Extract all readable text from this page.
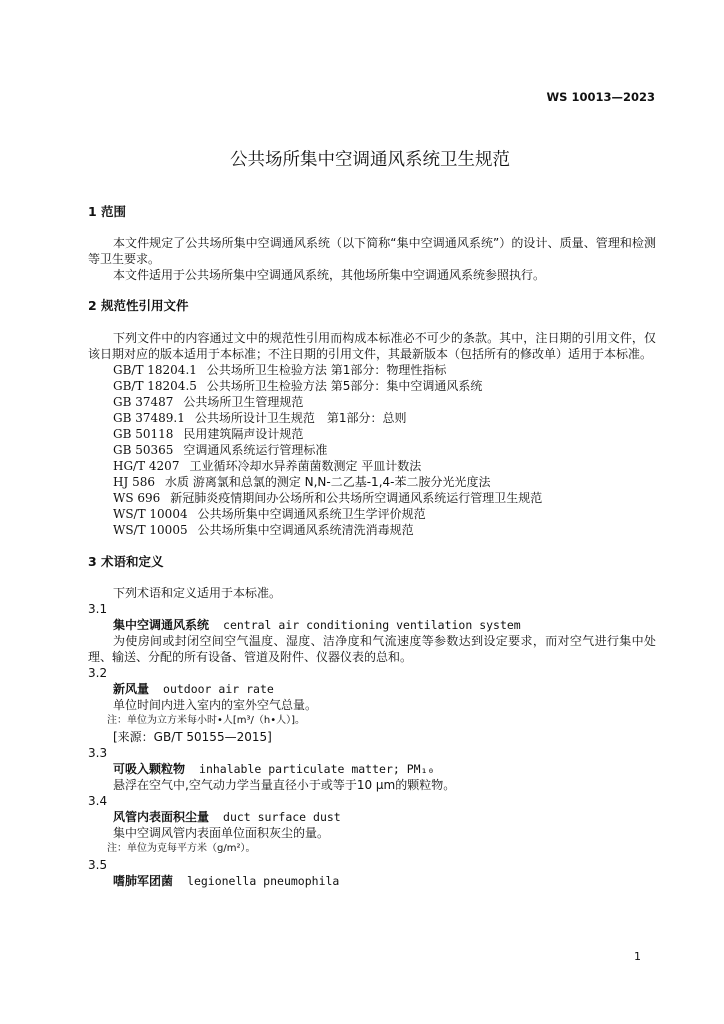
WS 10013—2023
公共场所集中空调通风系统卫生规范
1 范围
本文件规定了公共场所集中空调通风系统（以下简称“集中空调通风系统”）的设计、质量、管理和检测等卫生要求。
本文件适用于公共场所集中空调通风系统，其他场所集中空调通风系统参照执行。
2 规范性引用文件
下列文件中的内容通过文中的规范性引用而构成本标准必不可少的条款。其中，注日期的引用文件，仅该日期对应的版本适用于本标准；不注日期的引用文件，其最新版本（包括所有的修改单）适用于本标准。
GB/T 18204.1 公共场所卫生检验方法 第1部分：物理性指标
GB/T 18204.5 公共场所卫生检验方法 第5部分：集中空调通风系统
GB 37487 公共场所卫生管理规范
GB 37489.1 公共场所设计卫生规范　第1部分：总则
GB 50118 民用建筑隔声设计规范
GB 50365 空调通风系统运行管理标准
HG/T 4207 工业循环冷却水异养菌菌数测定 平皿计数法
HJ 586 水质 游离氯和总氯的测定 N,N-二乙基-1,4-苯二胺分光光度法
WS 696 新冠肺炎疫情期间办公场所和公共场所空调通风系统运行管理卫生规范
WS/T 10004 公共场所集中空调通风系统卫生学评价规范
WS/T 10005 公共场所集中空调通风系统清洗消毒规范
3 术语和定义
下列术语和定义适用于本标准。
3.1
集中空调通风系统 central air conditioning ventilation system
为使房间或封闭空间空气温度、湿度、洁净度和气流速度等参数达到设定要求，而对空气进行集中处理、输送、分配的所有设备、管道及附件、仪器仪表的总和。
3.2
新风量 outdoor air rate
单位时间内进入室内的室外空气总量。
注：单位为立方米每小时•人[m³/（h•人）]。
[来源：GB/T 50155—2015]
3.3
可吸入颗粒物 inhalable particulate matter; PM₁₀
悬浮在空气中,空气动力学当量直径小于或等于10 μm的颗粒物。
3.4
风管内表面积尘量 duct surface dust
集中空调风管内表面单位面积灰尘的量。
注：单位为克每平方米（g/m²）。
3.5
嗜肺军团菌 legionella pneumophila
1
